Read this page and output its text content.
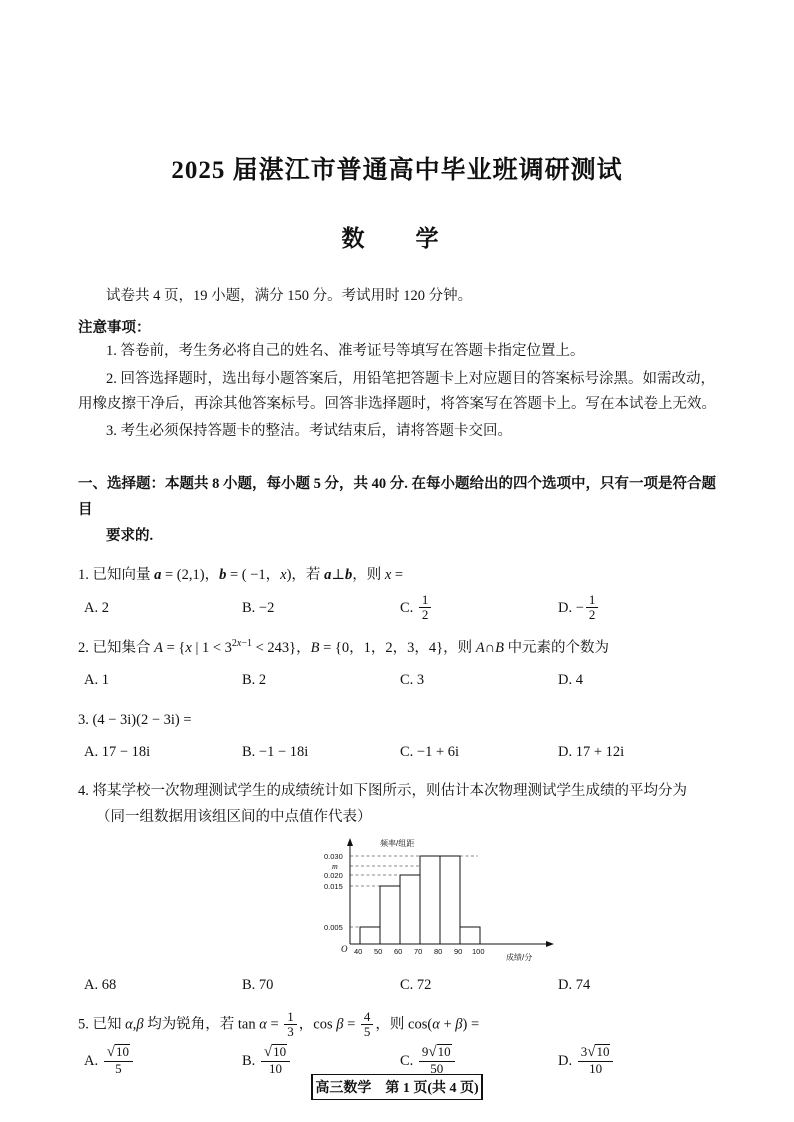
2025 届湛江市普通高中毕业班调研测试
数　学
试卷共 4 页，19 小题，满分 150 分。考试用时 120 分钟。
注意事项：
1. 答卷前，考生务必将自己的姓名、准考证号等填写在答题卡指定位置上。
2. 回答选择题时，选出每小题答案后，用铅笔把答题卡上对应题目的答案标号涂黑。如需改动，用橡皮擦干净后，再涂其他答案标号。回答非选择题时，将答案写在答题卡上。写在本试卷上无效。
3. 考生必须保持答题卡的整洁。考试结束后，请将答题卡交回。
一、选择题：本题共 8 小题，每小题 5 分，共 40 分. 在每小题给出的四个选项中，只有一项是符合题目
要求的.
1. 已知向量 a = (2,1)，b = ( −1，x)，若 a⊥b，则 x =
A. 2	B. −2	C.
$\frac{1}{2}$	D. − $\frac{1}{2}$
2. 已知集合 A = {x | $1 < 3^{2x-1} < 243$}，B = {0，1，2，3，4}，则 A∩B 中元素的个数为
A.
1	B.
2	C.
3	D.
4
3. (4 − 3i)(2 − 3i) =
A.
17 − 18i	B.
−1 − 18i	C.
−1 + 6i	D.
17 + 12i
4. 将某学校一次物理测试学生的成绩统计如下图所示，则估计本次物理测试学生成绩的平均分为
（同一组数据用该组区间的中点值作代表）
频率/组距
成绩/分
O
0.030
m
0.020
0.015
0.005
40 50 60 70 80 90 100
A.
68	B.
70	C.
72	D.
74
5. 已知 α,β 均为锐角，若 $\tan \alpha = \frac{1}{3}$ ，$\cos \beta = \frac{4}{5}$ ，则 cos(α + β) =
A.
$\frac{√ 10}{5}$	B.
$\frac{√ 10}{10}$	C.
$\frac{9 √ 10}{50}$	D.
$\frac{3 √ 10}{10}$
高三数学　第 1 页(共 4 页)
